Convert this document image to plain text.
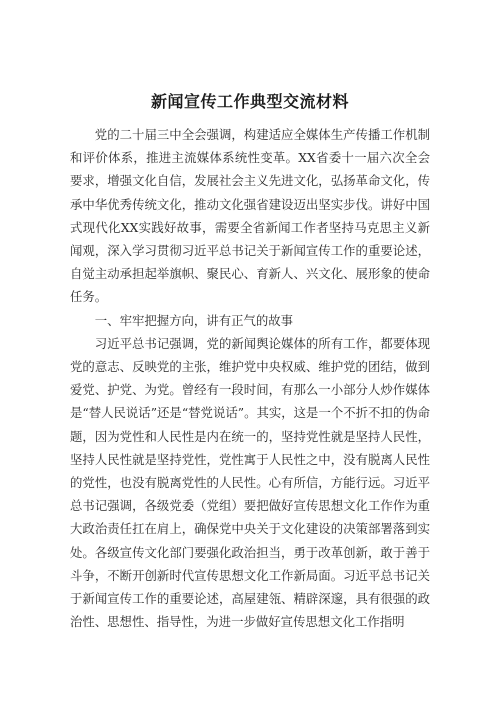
新闻宣传工作典型交流材料

党的二十届三中全会强调，构建适应全媒体生产传播工作机制和评价体系，推进主流媒体系统性变革。XX省委十一届六次全会要求，增强文化自信，发展社会主义先进文化，弘扬革命文化，传承中华优秀传统文化，推动文化强省建设迈出坚实步伐。讲好中国式现代化XX实践好故事，需要全省新闻工作者坚持马克思主义新闻观，深入学习贯彻习近平总书记关于新闻宣传工作的重要论述，自觉主动承担起举旗帜、聚民心、育新人、兴文化、展形象的使命任务。

一、牢牢把握方向，讲有正气的故事

习近平总书记强调，党的新闻舆论媒体的所有工作，都要体现党的意志、反映党的主张，维护党中央权威、维护党的团结，做到爱党、护党、为党。曾经有一段时间，有那么一小部分人炒作媒体是“替人民说话”还是“替党说话”。其实，这是一个不折不扣的伪命题，因为党性和人民性是内在统一的，坚持党性就是坚持人民性，坚持人民性就是坚持党性，党性寓于人民性之中，没有脱离人民性的党性，也没有脱离党性的人民性。心有所信，方能行远。习近平总书记强调，各级党委（党组）要把做好宣传思想文化工作作为重大政治责任扛在肩上，确保党中央关于文化建设的决策部署落到实处。各级宣传文化部门要强化政治担当，勇于改革创新，敢于善于斗争，不断开创新时代宣传思想文化工作新局面。习近平总书记关于新闻宣传工作的重要论述，高屋建瓴、精辟深邃，具有很强的政治性、思想性、指导性，为进一步做好宣传思想文化工作指明
